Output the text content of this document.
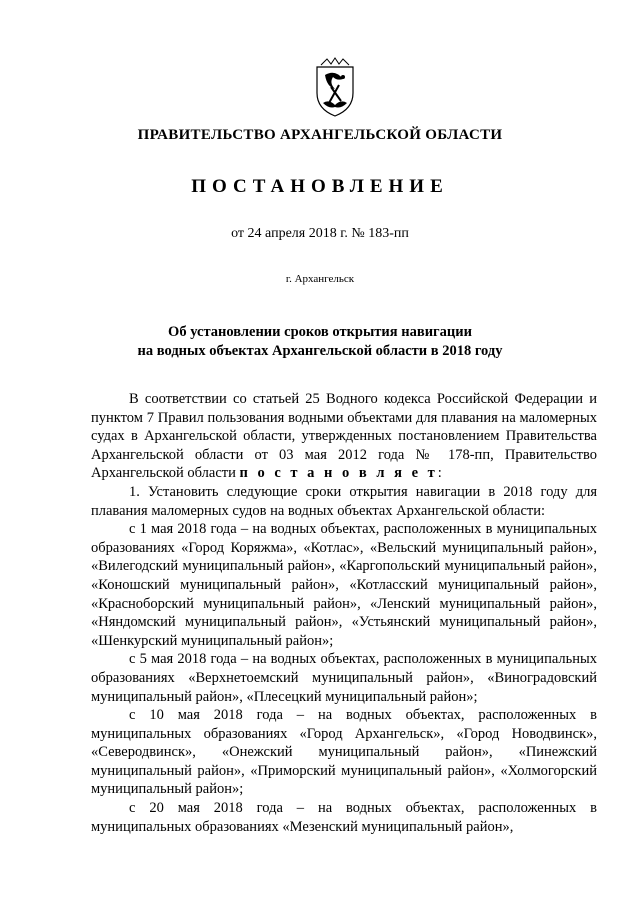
ПРАВИТЕЛЬСТВО АРХАНГЕЛЬСКОЙ ОБЛАСТИ
ПОСТАНОВЛЕНИЕ
от 24 апреля 2018 г. № 183-пп
г. Архангельск
Об установлении сроков открытия навигации
на водных объектах Архангельской области в 2018 году

В соответствии со статьей 25 Водного кодекса Российской Федерации и пунктом 7 Правил пользования водными объектами для плавания на маломерных судах в Архангельской области, утвержденных постановлением Правительства Архангельской области от 03 мая 2012 года № 178-пп, Правительство Архангельской области п о с т а н о в л я е т:

1. Установить следующие сроки открытия навигации в 2018 году для плавания маломерных судов на водных объектах Архангельской области:

с 1 мая 2018 года – на водных объектах, расположенных в муниципальных образованиях «Город Коряжма», «Котлас», «Вельский муниципальный район», «Вилегодский муниципальный район», «Каргопольский муниципальный район», «Коношский муниципальный район», «Котласский муниципальный район», «Красноборский муниципальный район», «Ленский муниципальный район», «Няндомский муниципальный район», «Устьянский муниципальный район», «Шенкурский муниципальный район»;

с 5 мая 2018 года – на водных объектах, расположенных в муниципальных образованиях «Верхнетоемский муниципальный район», «Виноградовский муниципальный район», «Плесецкий муниципальный район»;

с 10 мая 2018 года – на водных объектах, расположенных в муниципальных образованиях «Город Архангельск», «Город Новодвинск», «Северодвинск», «Онежский муниципальный район», «Пинежский муниципальный район», «Приморский муниципальный район», «Холмогорский муниципальный район»;

с 20 мая 2018 года – на водных объектах, расположенных в муниципальных образованиях «Мезенский муниципальный район»,
